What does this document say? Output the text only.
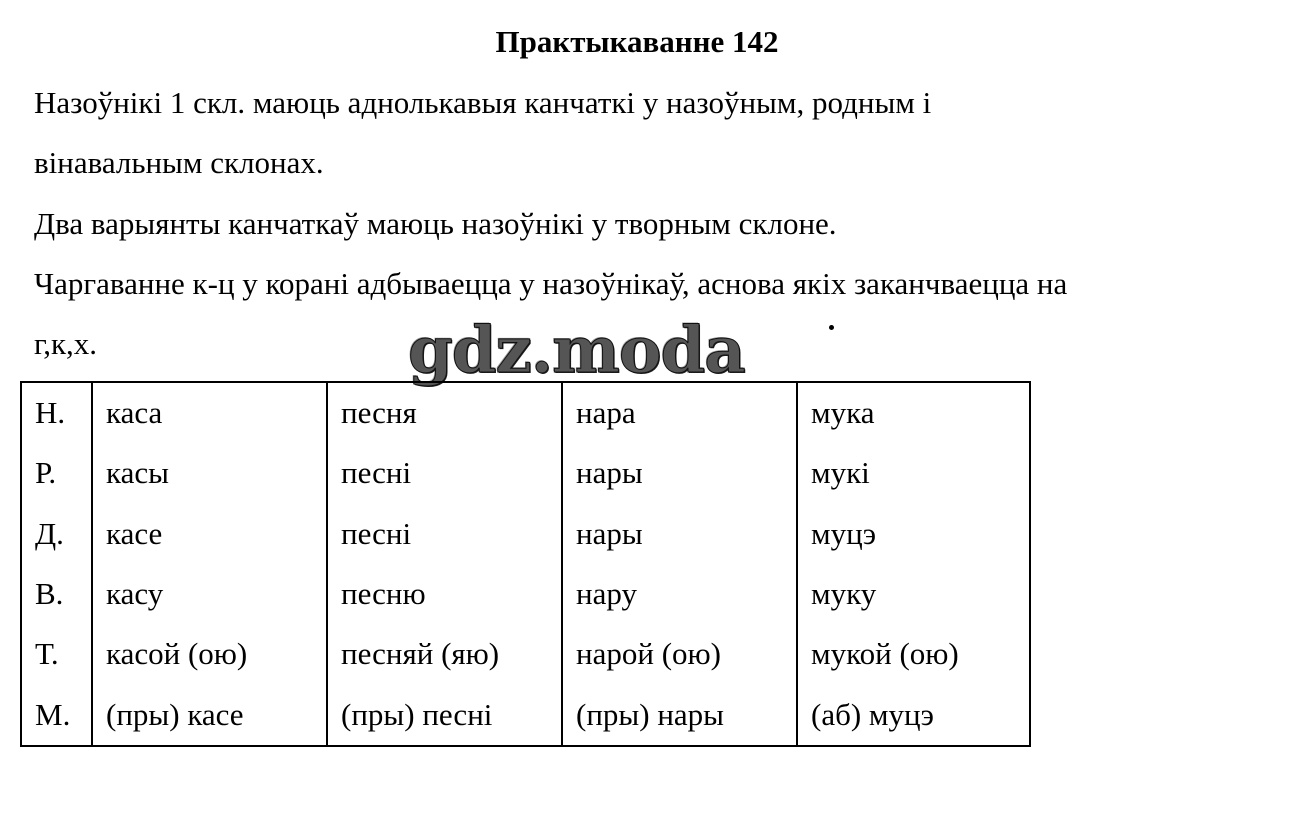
Практыкаванне 142
Назоўнікі 1 скл. маюць аднолькавыя канчаткі у назоўным, родным і
вінавальным склонах.
Два варыянты канчаткаў маюць назоўнікі у творным склоне.
Чаргаванне к-ц у корані адбываецца у назоўнікаў, аснова якіх заканчваецца на
г,к,х.	gdz.moda
Н.	каса	песня	нара	мука
Р.	касы	песні	нары	мукі
Д.	касе	песні	нары	муцэ
В.	касу	песню	нару	муку
Т.	касой (ою)	песняй (яю)	нарой (ою)	мукой (ою)
М.	(пры) касе	(пры) песні	(пры) нары	(аб) муцэ
